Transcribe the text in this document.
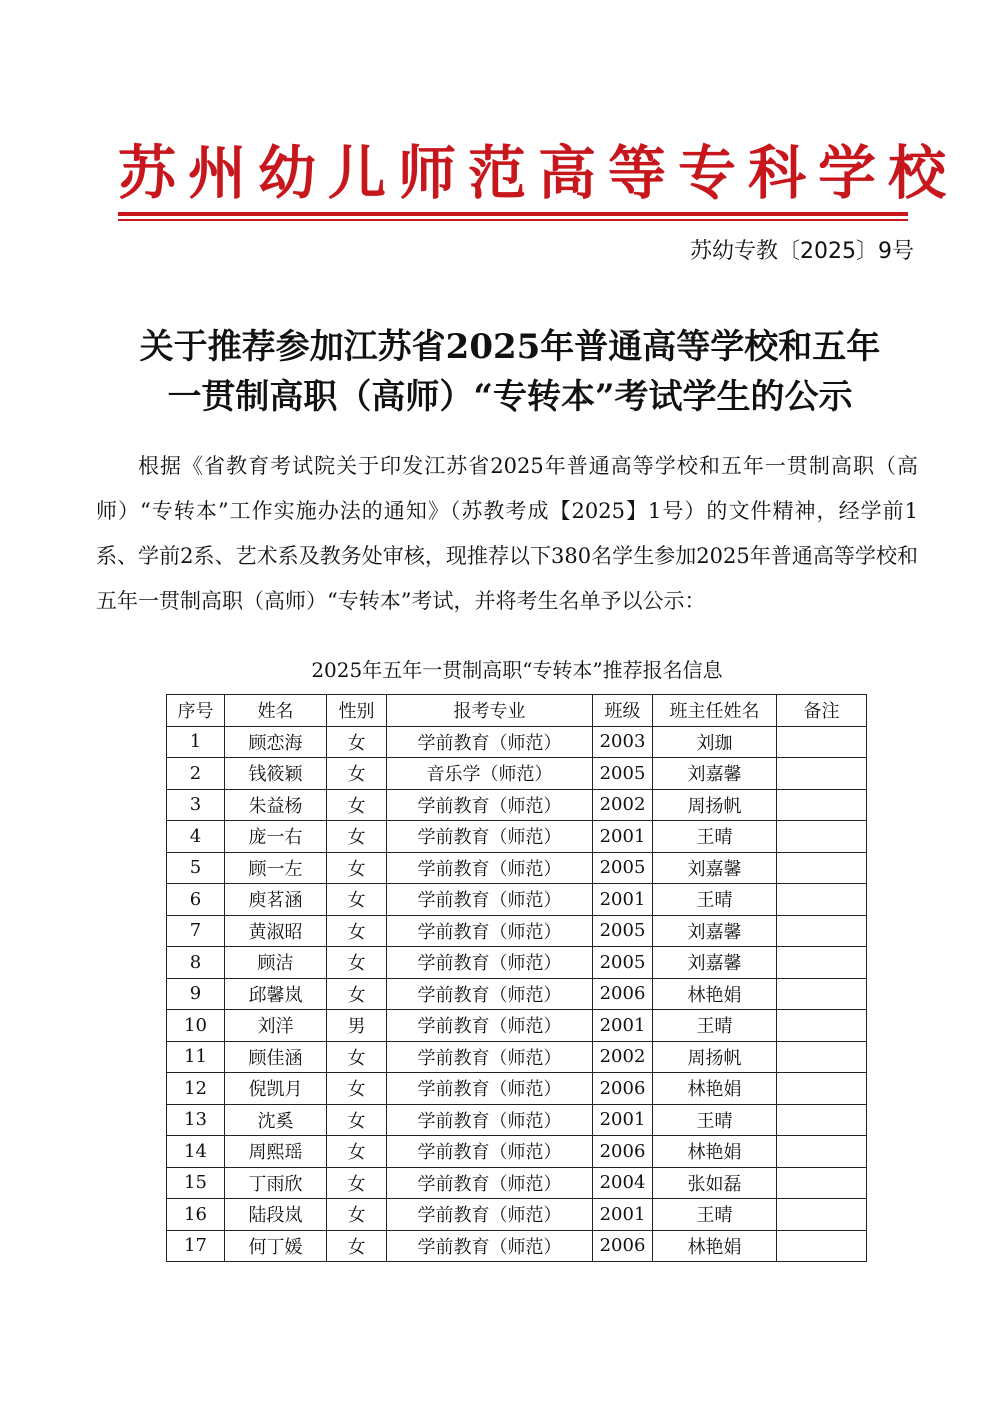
苏州幼儿师范高等专科学校
苏幼专教〔2025〕9号
关于推荐参加江苏省2025年普通高等学校和五年
一贯制高职（高师）“专转本”考试学生的公示
根据《省教育考试院关于印发江苏省2025年普通高等学校和五年一贯制高职（高师）“专转本”工作实施办法的通知》（苏教考成【2025】1号）的文件精神，经学前1系、学前2系、艺术系及教务处审核，现推荐以下380名学生参加2025年普通高等学校和五年一贯制高职（高师）“专转本”考试，并将考生名单予以公示：
2025年五年一贯制高职“专转本”推荐报名信息
序号	姓名	性别	报考专业	班级	班主任姓名	备注
1	顾恋海	女	学前教育（师范）	2003	刘珈	
2	钱筱颖	女	音乐学（师范）	2005	刘嘉馨	
3	朱益杨	女	学前教育（师范）	2002	周扬帆	
4	庞一右	女	学前教育（师范）	2001	王晴	
5	顾一左	女	学前教育（师范）	2005	刘嘉馨	
6	庾茗涵	女	学前教育（师范）	2001	王晴	
7	黄淑昭	女	学前教育（师范）	2005	刘嘉馨	
8	顾洁	女	学前教育（师范）	2005	刘嘉馨	
9	邱馨岚	女	学前教育（师范）	2006	林艳娟	
10	刘洋	男	学前教育（师范）	2001	王晴	
11	顾佳涵	女	学前教育（师范）	2002	周扬帆	
12	倪凯月	女	学前教育（师范）	2006	林艳娟	
13	沈奚	女	学前教育（师范）	2001	王晴	
14	周熙瑶	女	学前教育（师范）	2006	林艳娟	
15	丁雨欣	女	学前教育（师范）	2004	张如磊	
16	陆段岚	女	学前教育（师范）	2001	王晴	
17	何丁媛	女	学前教育（师范）	2006	林艳娟	
